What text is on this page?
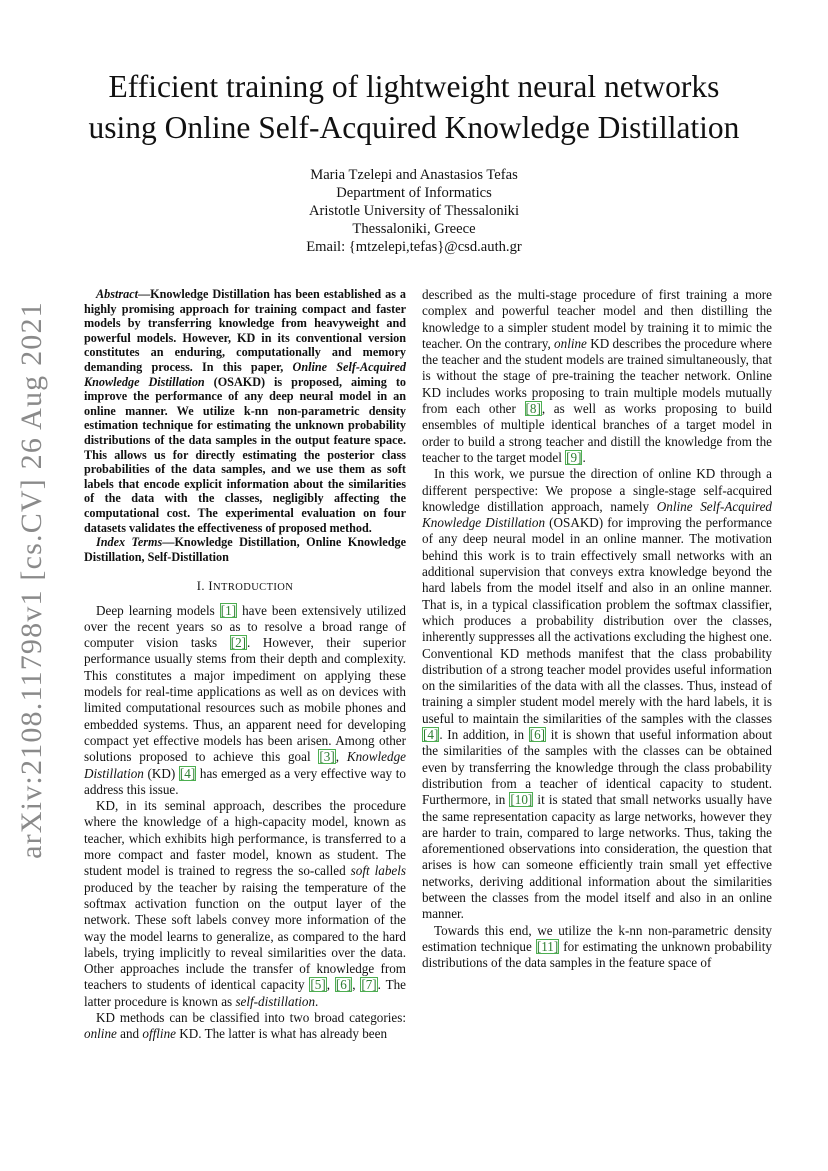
arXiv:2108.11798v1 [cs.CV] 26 Aug 2021
Efficient training of lightweight neural networks
using Online Self-Acquired Knowledge Distillation
Maria Tzelepi and Anastasios Tefas
Department of Informatics
Aristotle University of Thessaloniki
Thessaloniki, Greece
Email: {mtzelepi,tefas}@csd.auth.gr

Abstract—Knowledge Distillation has been established as a highly promising approach for training compact and faster models by transferring knowledge from heavyweight and powerful models. However, KD in its conventional version constitutes an enduring, computationally and memory demanding process. In this paper, Online Self-Acquired Knowledge Distillation (OSAKD) is proposed, aiming to improve the performance of any deep neural model in an online manner. We utilize k-nn non-parametric density estimation technique for estimating the unknown probability distributions of the data samples in the output feature space. This allows us for directly estimating the posterior class probabilities of the data samples, and we use them as soft labels that encode explicit information about the similarities of the data with the classes, negligibly affecting the computational cost. The experimental evaluation on four datasets validates the effectiveness of proposed method.

Index Terms—Knowledge Distillation, Online Knowledge Distillation, Self-Distillation

I. INTRODUCTION

Deep learning models [1] have been extensively utilized over the recent years so as to resolve a broad range of computer vision tasks [2]. However, their superior performance usually stems from their depth and complexity. This constitutes a major impediment on applying these models for real-time applications as well as on devices with limited computational resources such as mobile phones and embedded systems. Thus, an apparent need for developing compact yet effective models has been arisen. Among other solutions proposed to achieve this goal [3], Knowledge Distillation (KD) [4] has emerged as a very effective way to address this issue.

KD, in its seminal approach, describes the procedure where the knowledge of a high-capacity model, known as teacher, which exhibits high performance, is transferred to a more compact and faster model, known as student. The student model is trained to regress the so-called soft labels produced by the teacher by raising the temperature of the softmax activation function on the output layer of the network. These soft labels convey more information of the way the model learns to generalize, as compared to the hard labels, trying implicitly to reveal similarities over the data. Other approaches include the transfer of knowledge from teachers to students of identical capacity [5], [6], [7]. The latter procedure is known as self-distillation.

KD methods can be classified into two broad categories: online and offline KD. The latter is what has already been

described as the multi-stage procedure of first training a more complex and powerful teacher model and then distilling the knowledge to a simpler student model by training it to mimic the teacher. On the contrary, online KD describes the procedure where the teacher and the student models are trained simultaneously, that is without the stage of pre-training the teacher network. Online KD includes works proposing to train multiple models mutually from each other [8], as well as works proposing to build ensembles of multiple identical branches of a target model in order to build a strong teacher and distill the knowledge from the teacher to the target model [9].

In this work, we pursue the direction of online KD through a different perspective: We propose a single-stage self-acquired knowledge distillation approach, namely Online Self-Acquired Knowledge Distillation (OSAKD) for improving the performance of any deep neural model in an online manner. The motivation behind this work is to train effectively small networks with an additional supervision that conveys extra knowledge beyond the hard labels from the model itself and also in an online manner. That is, in a typical classification problem the softmax classifier, which produces a probability distribution over the classes, inherently suppresses all the activations excluding the highest one. Conventional KD methods manifest that the class probability distribution of a strong teacher model provides useful information on the similarities of the data with all the classes. Thus, instead of training a simpler student model merely with the hard labels, it is useful to maintain the similarities of the samples with the classes [4]. In addition, in [6] it is shown that useful information about the similarities of the samples with the classes can be obtained even by transferring the knowledge through the class probability distribution from a teacher of identical capacity to student. Furthermore, in [10] it is stated that small networks usually have the same representation capacity as large networks, however they are harder to train, compared to large networks. Thus, taking the aforementioned observations into consideration, the question that arises is how can someone efficiently train small yet effective networks, deriving additional information about the similarities between the classes from the model itself and also in an online manner.

Towards this end, we utilize the k-nn non-parametric density estimation technique [11] for estimating the unknown probability distributions of the data samples in the feature space of
